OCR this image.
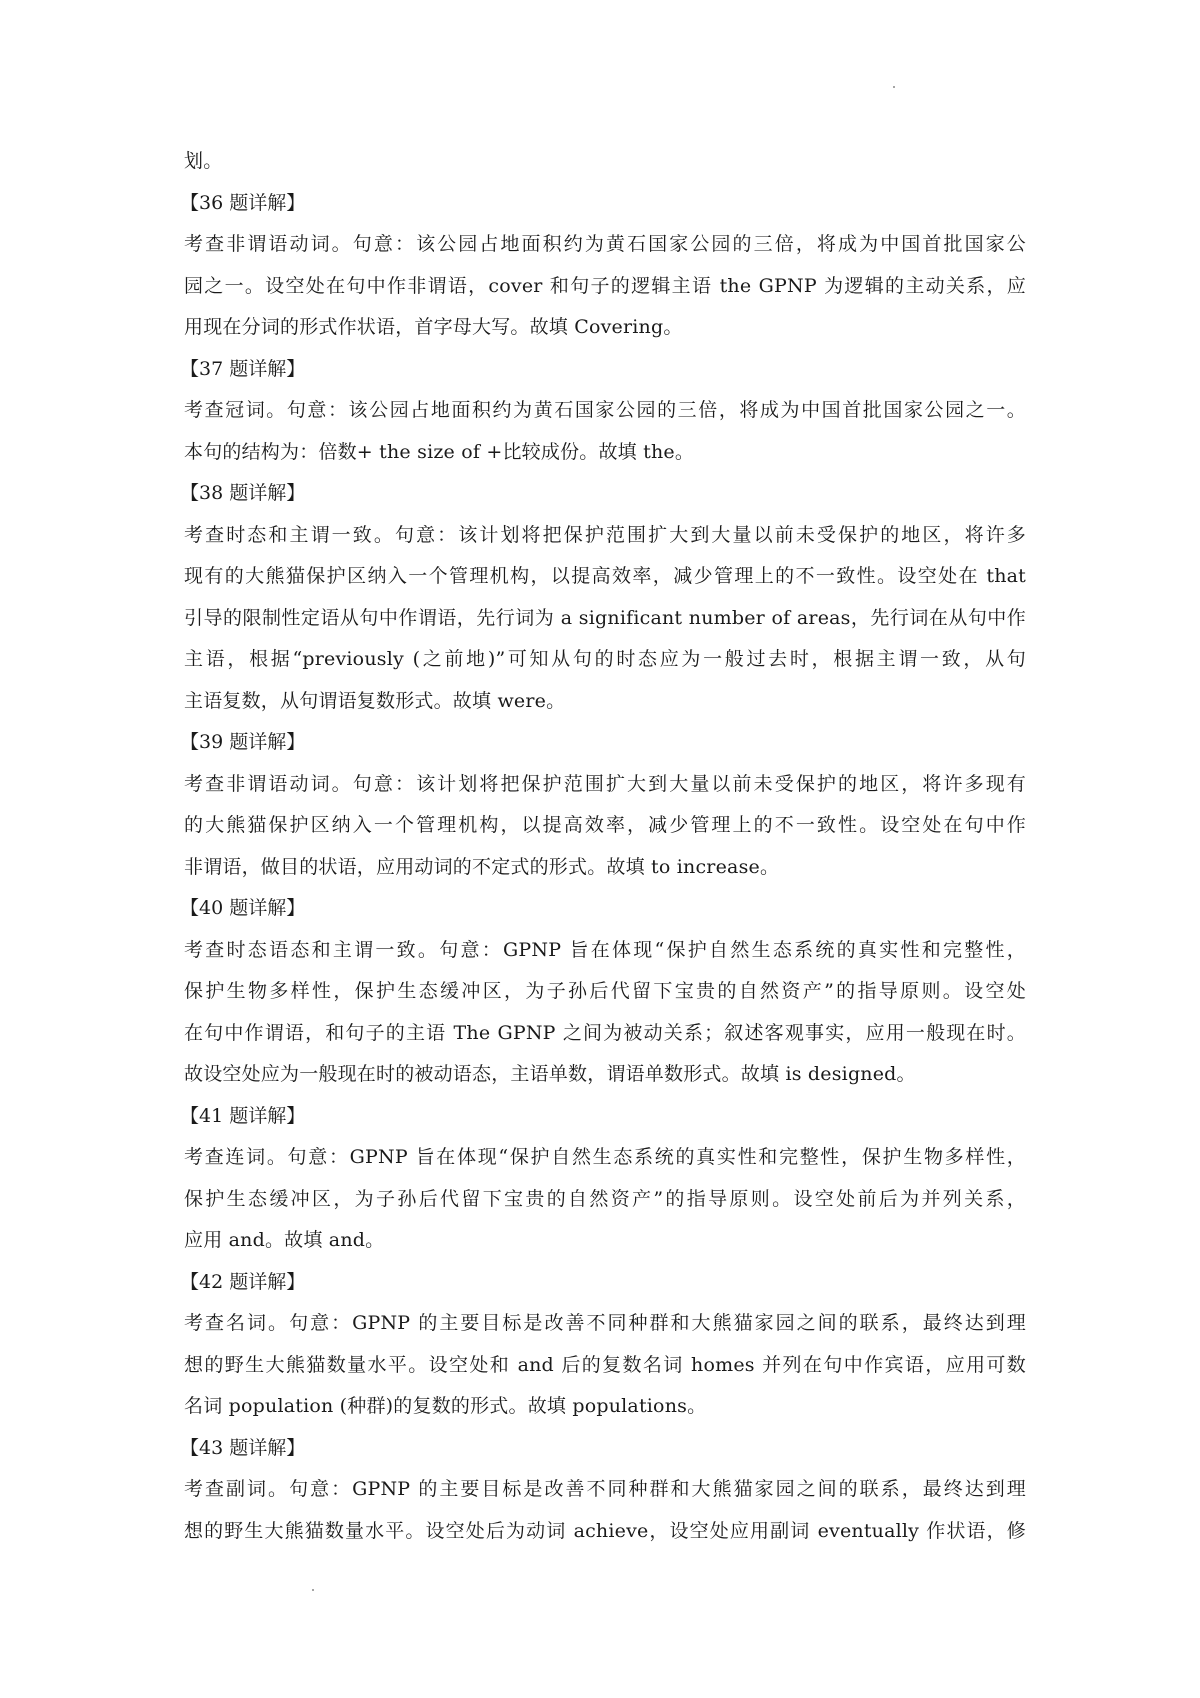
划。
【36 题详解】
考查非谓语动词。句意：该公园占地面积约为黄石国家公园的三倍，将成为中国首批国家公
园之一。设空处在句中作非谓语，cover 和句子的逻辑主语 the GPNP 为逻辑的主动关系，应
用现在分词的形式作状语，首字母大写。故填 Covering。
【37 题详解】
考查冠词。句意：该公园占地面积约为黄石国家公园的三倍，将成为中国首批国家公园之一。
本句的结构为：倍数+ the size of +比较成份。故填 the。
【38 题详解】
考查时态和主谓一致。句意：该计划将把保护范围扩大到大量以前未受保护的地区，将许多
现有的大熊猫保护区纳入一个管理机构，以提高效率，减少管理上的不一致性。设空处在 that
引导的限制性定语从句中作谓语，先行词为 a significant number of areas，先行词在从句中作
主语，根据“previously (之前地)”可知从句的时态应为一般过去时，根据主谓一致，从句
主语复数，从句谓语复数形式。故填 were。
【39 题详解】
考查非谓语动词。句意：该计划将把保护范围扩大到大量以前未受保护的地区，将许多现有
的大熊猫保护区纳入一个管理机构，以提高效率，减少管理上的不一致性。设空处在句中作
非谓语，做目的状语，应用动词的不定式的形式。故填 to increase。
【40 题详解】
考查时态语态和主谓一致。句意：GPNP 旨在体现“保护自然生态系统的真实性和完整性，
保护生物多样性，保护生态缓冲区，为子孙后代留下宝贵的自然资产”的指导原则。设空处
在句中作谓语，和句子的主语 The GPNP 之间为被动关系；叙述客观事实，应用一般现在时。
故设空处应为一般现在时的被动语态，主语单数，谓语单数形式。故填 is designed。
【41 题详解】
考查连词。句意：GPNP 旨在体现“保护自然生态系统的真实性和完整性，保护生物多样性，
保护生态缓冲区，为子孙后代留下宝贵的自然资产”的指导原则。设空处前后为并列关系，
应用 and。故填 and。
【42 题详解】
考查名词。句意：GPNP 的主要目标是改善不同种群和大熊猫家园之间的联系，最终达到理
想的野生大熊猫数量水平。设空处和 and 后的复数名词 homes 并列在句中作宾语，应用可数
名词 population (种群)的复数的形式。故填 populations。
【43 题详解】
考查副词。句意：GPNP 的主要目标是改善不同种群和大熊猫家园之间的联系，最终达到理
想的野生大熊猫数量水平。设空处后为动词 achieve，设空处应用副词 eventually 作状语，修
